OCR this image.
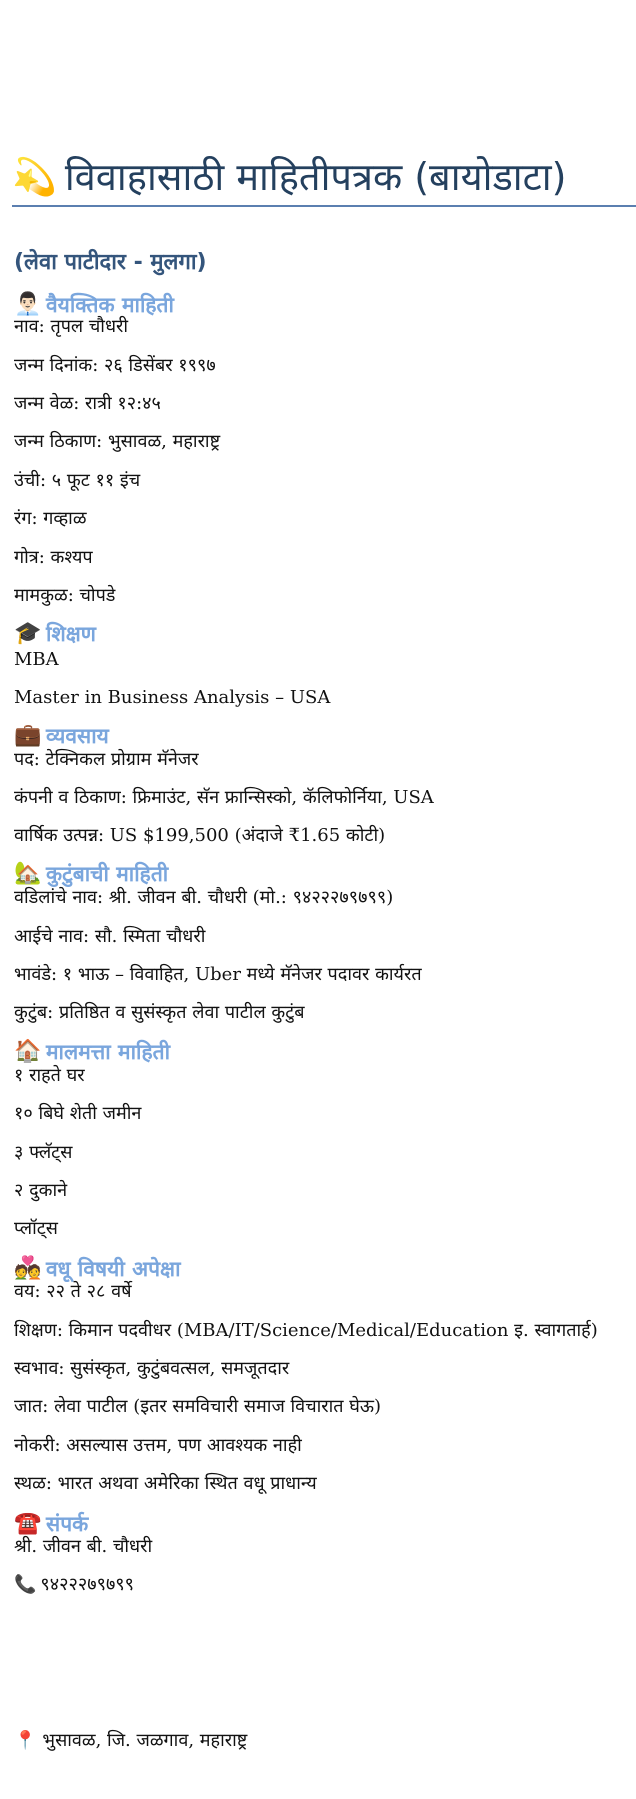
💫 विवाहासाठी माहितीपत्रक (बायोडाटा)
(लेवा पाटीदार - मुलगा)
👨🏻‍💼 वैयक्तिक माहिती
नाव: तृपल चौधरी
जन्म दिनांक: २६ डिसेंबर १९९७
जन्म वेळ: रात्री १२:४५
जन्म ठिकाण: भुसावळ, महाराष्ट्र
उंची: ५ फूट ११ इंच
रंग: गव्हाळ
गोत्र: कश्यप
मामकुळ: चोपडे
🎓 शिक्षण
MBA
Master in Business Analysis – USA
💼 व्यवसाय
पद: टेक्निकल प्रोग्राम मॅनेजर
कंपनी व ठिकाण: फ्रिमाउंट, सॅन फ्रान्सिस्को, कॅलिफोर्निया, USA
वार्षिक उत्पन्न: US $199,500 (अंदाजे ₹1.65 कोटी)
🏡 कुटुंबाची माहिती
वडिलांचे नाव: श्री. जीवन बी. चौधरी (मो.: ९४२२२७९७९९)
आईचे नाव: सौ. स्मिता चौधरी
भावंडे: १ भाऊ – विवाहित, Uber मध्ये मॅनेजर पदावर कार्यरत
कुटुंब: प्रतिष्ठित व सुसंस्कृत लेवा पाटील कुटुंब
🏠 मालमत्ता माहिती
१ राहते घर
१० बिघे शेती जमीन
३ फ्लॅट्स
२ दुकाने
प्लॉट्स
💑 वधू विषयी अपेक्षा
वय: २२ ते २८ वर्षे
शिक्षण: किमान पदवीधर (MBA/IT/Science/Medical/Education इ. स्वागतार्ह)
स्वभाव: सुसंस्कृत, कुटुंबवत्सल, समजूतदार
जात: लेवा पाटील (इतर समविचारी समाज विचारात घेऊ)
नोकरी: असल्यास उत्तम, पण आवश्यक नाही
स्थळ: भारत अथवा अमेरिका स्थित वधू प्राधान्य
☎️ संपर्क
श्री. जीवन बी. चौधरी
📞 ९४२२२७९७९९
📍 भुसावळ, जि. जळगाव, महाराष्ट्र
